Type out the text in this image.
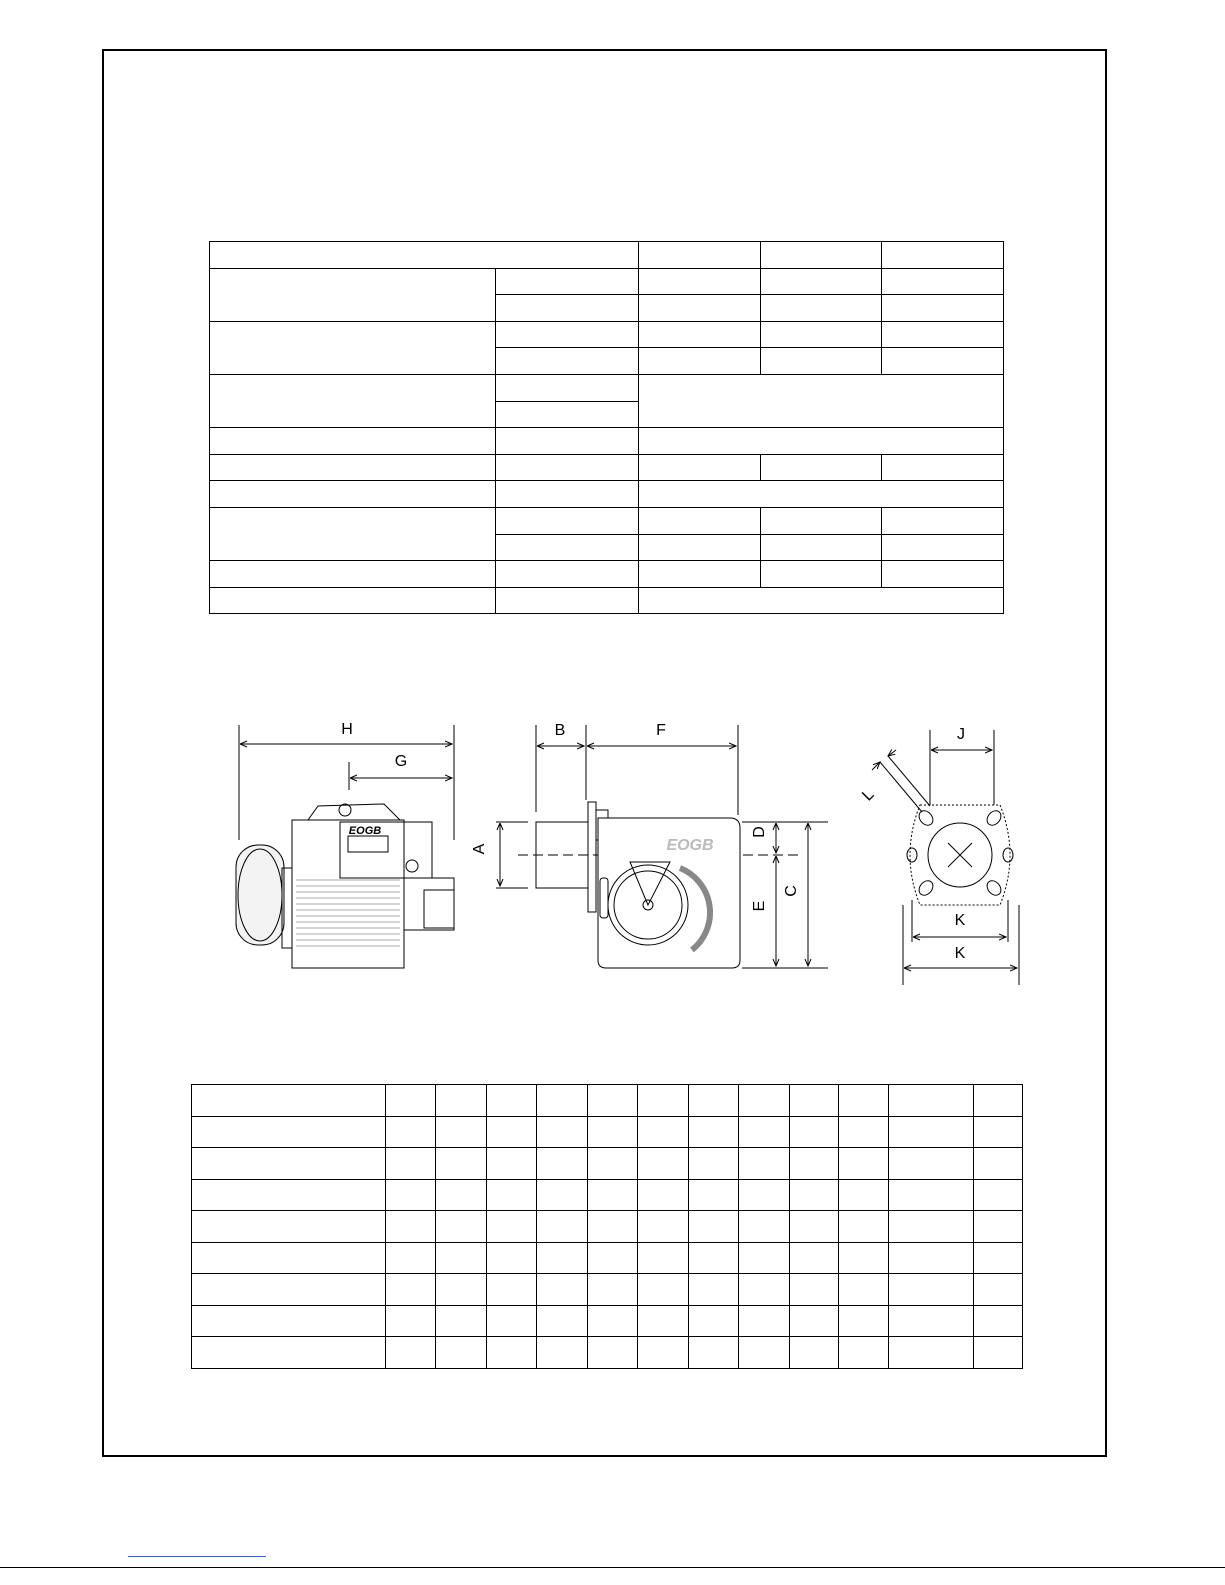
H
G
EOGB
B	F
A
D
E
C
EOGB
J
L
K
K
